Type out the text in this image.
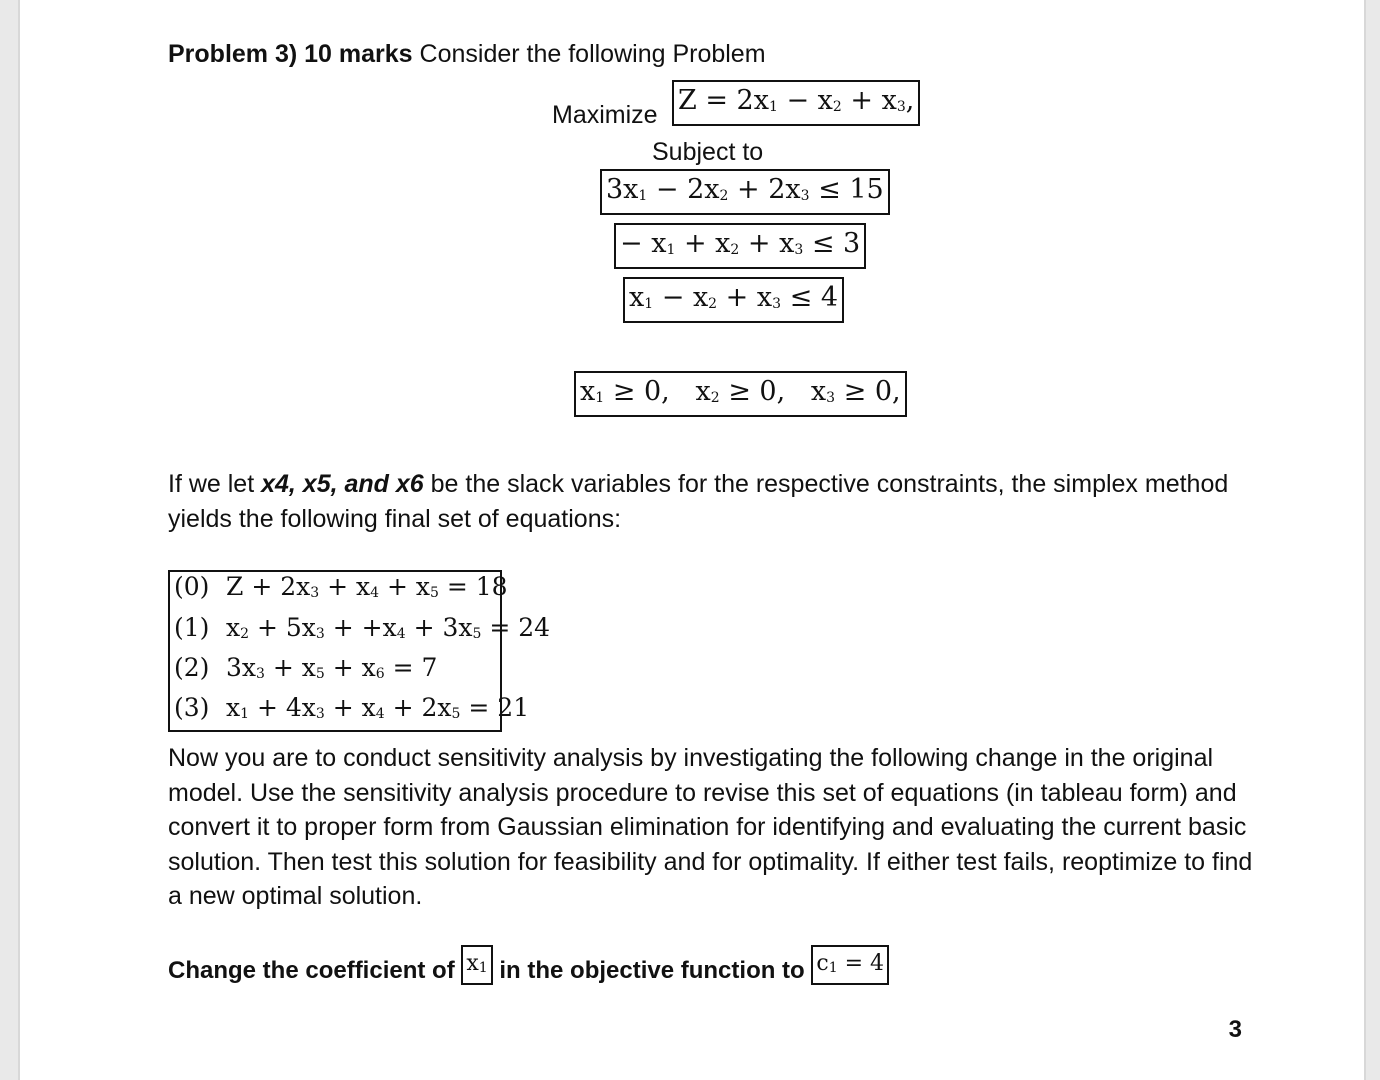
Problem 3) 10 marks Consider the following Problem
Maximize $Z = 2x_1 - x_2 + x_3$,
Subject to
$3x_1 - 2x_2 + 2x_3 \le 15$
− $x_1 + x_2 + x_3 \le 3$
$x_1 - x_2 + x_3 \le 4$
$x_1 \ge 0$,   $x_2 \ge 0$,   $x_3 \ge 0$,
If we let x4, x5, and x6 be the slack variables for the respective constraints, the simplex method yields the following final set of equations:
(0) $Z + 2x_3 + x_4 + x_5 = 18$
(1) $x_2 + 5x_3 + +x_4 + 3x_5 = 24$
(2) $3x_3 + x_5 + x_6 = 7$
(3) $x_1 + 4x_3 + x_4 + 2x_5 = 21$
Now you are to conduct sensitivity analysis by investigating the following change in the original model. Use the sensitivity analysis procedure to revise this set of equations (in tableau form) and convert it to proper form from Gaussian elimination for identifying and evaluating the current basic solution. Then test this solution for feasibility and for optimality. If either test fails, reoptimize to find a new optimal solution.
Change the coefficient of $x_1$ in the objective function to $c_1 = 4$
3
